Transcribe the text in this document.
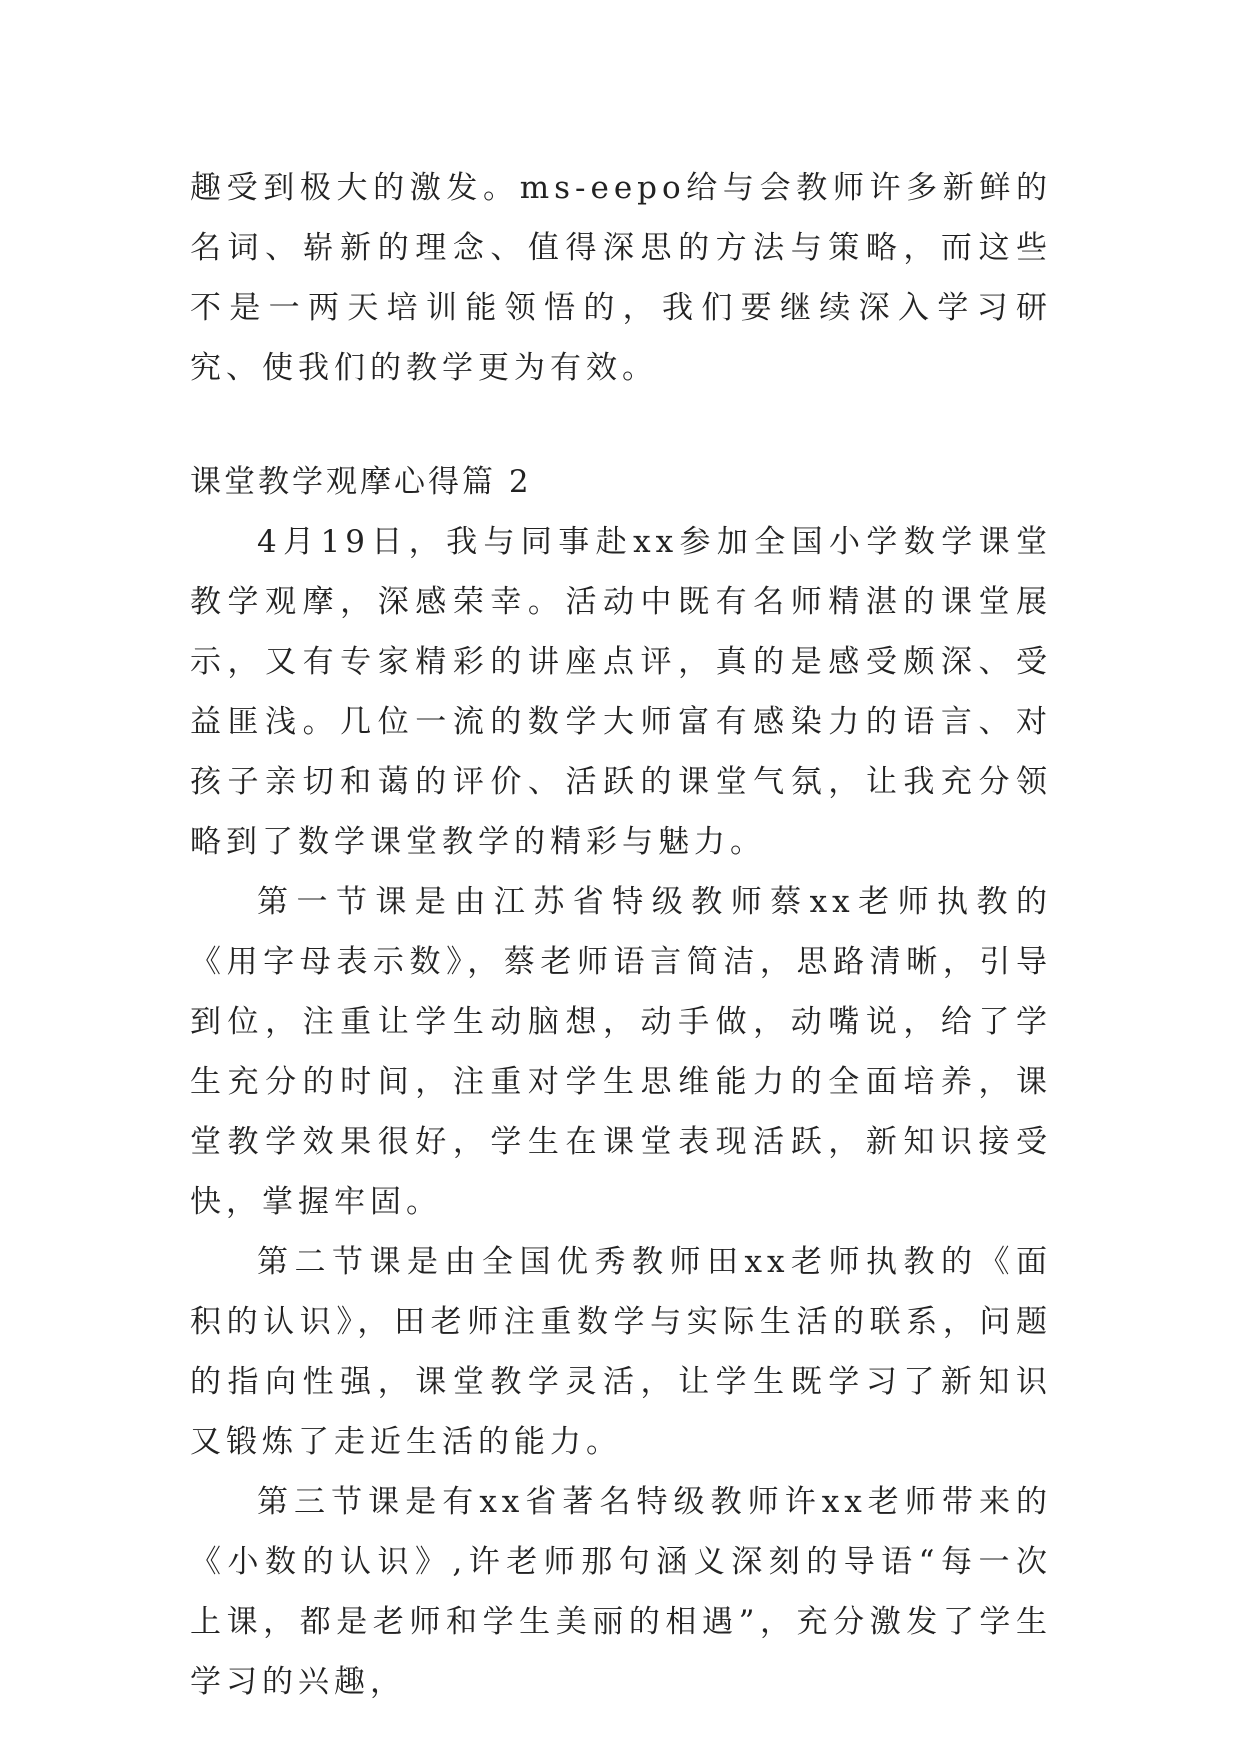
趣受到极大的激发。ms-eepo给与会教师许多新鲜的名词、崭新的理念、值得深思的方法与策略，而这些不是一两天培训能领悟的，我们要继续深入学习研究、使我们的教学更为有效。

课堂教学观摩心得篇 2

4月19日，我与同事赴xx参加全国小学数学课堂教学观摩，深感荣幸。活动中既有名师精湛的课堂展示，又有专家精彩的讲座点评，真的是感受颇深、受益匪浅。几位一流的数学大师富有感染力的语言、对孩子亲切和蔼的评价、活跃的课堂气氛，让我充分领略到了数学课堂教学的精彩与魅力。

第一节课是由江苏省特级教师蔡xx老师执教的《用字母表示数》，蔡老师语言简洁，思路清晰，引导到位，注重让学生动脑想，动手做，动嘴说，给了学生充分的时间，注重对学生思维能力的全面培养，课堂教学效果很好，学生在课堂表现活跃，新知识接受快，掌握牢固。

第二节课是由全国优秀教师田xx老师执教的《面积的认识》，田老师注重数学与实际生活的联系，问题的指向性强，课堂教学灵活，让学生既学习了新知识又锻炼了走近生活的能力。

第三节课是有xx省著名特级教师许xx老师带来的《小数的认识》,许老师那句涵义深刻的导语“每一次上课，都是老师和学生美丽的相遇”，充分激发了学生学习的兴趣，
